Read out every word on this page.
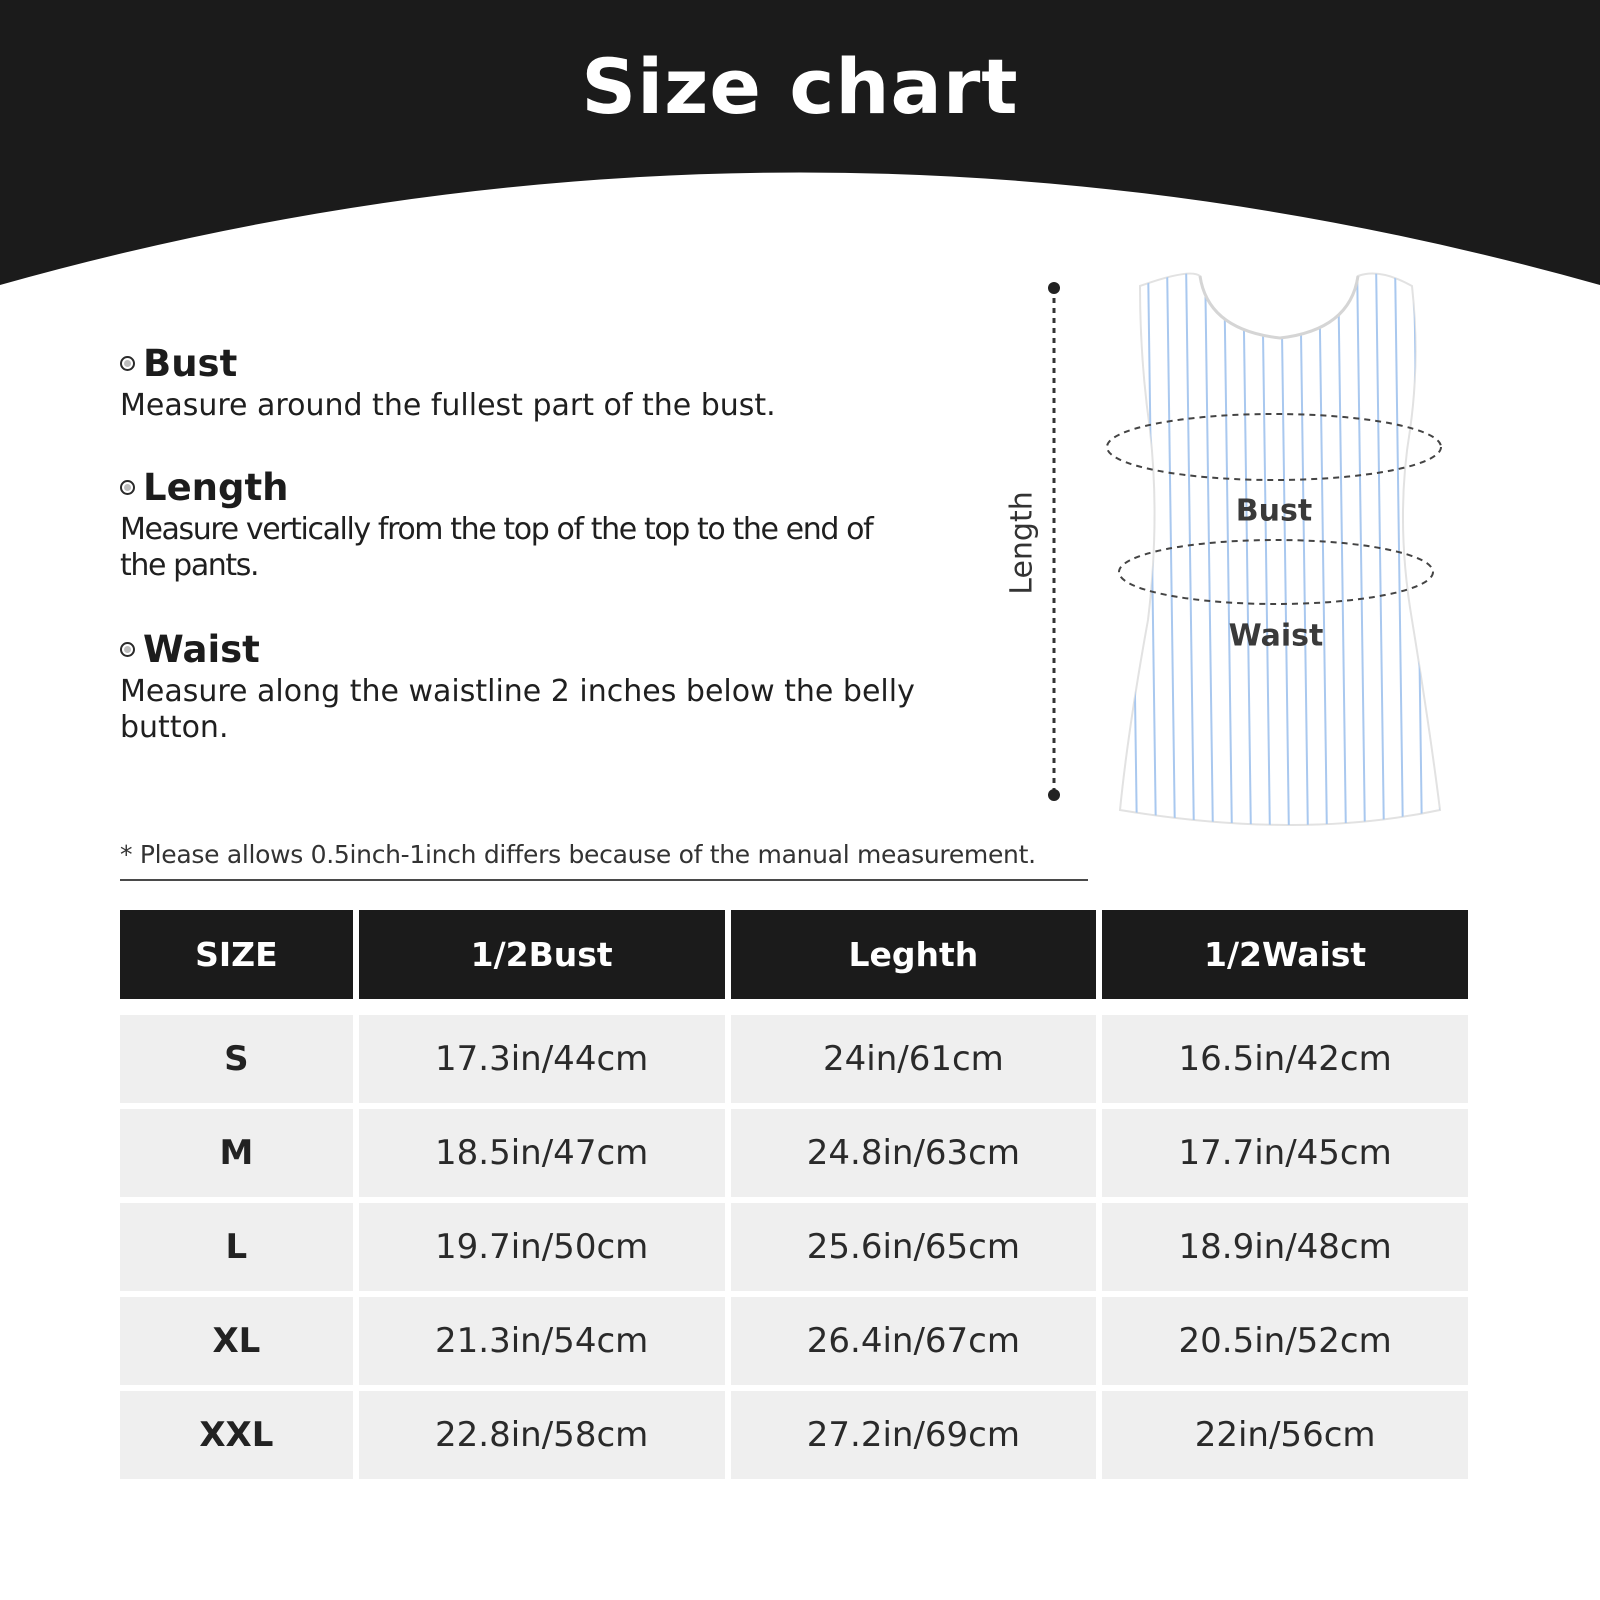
Size chart
Bust
Measure around the fullest part of the bust.
Length
Measure vertically from the top of the top to the end of the pants.
Waist
Measure along the waistline 2 inches below the belly button.
Length	Bust
Waist
* Please allows 0.5inch-1inch differs because of the manual measurement.
SIZE	1/2Bust	Leghth	1/2Waist

S	17.3in/44cm	24in/61cm	16.5in/42cm
M	18.5in/47cm	24.8in/63cm	17.7in/45cm
L	19.7in/50cm	25.6in/65cm	18.9in/48cm
XL	21.3in/54cm	26.4in/67cm	20.5in/52cm
XXL	22.8in/58cm	27.2in/69cm	22in/56cm
